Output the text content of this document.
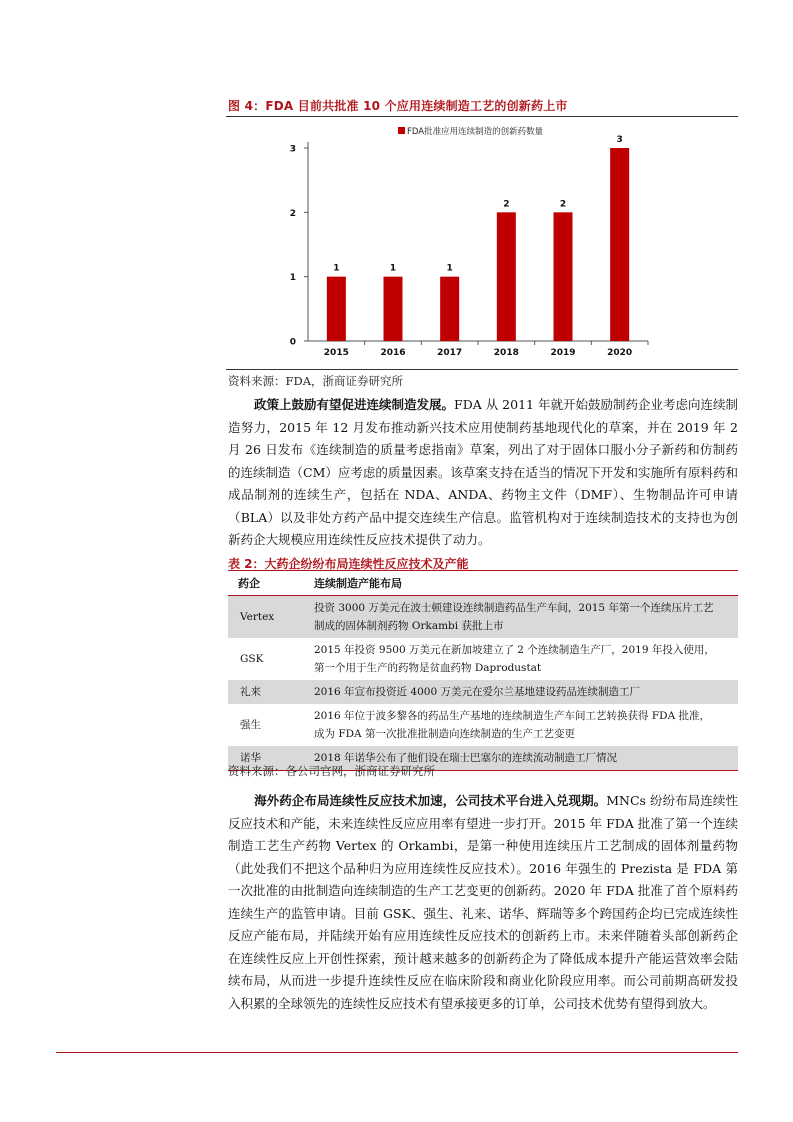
图 4：FDA 目前共批准 10 个应用连续制造工艺的创新药上市
FDA批准应用连续制造的创新药数量
0
1
2
3
2015	2016	2017	2018	2019	2020
1	1	1
2	2
3
资料来源：FDA，浙商证券研究所
政策上鼓励有望促进连续制造发展。FDA 从 2011 年就开始鼓励制药企业考虑向连续制造努力，2015 年 12 月发布推动新兴技术应用使制药基地现代化的草案，并在 2019 年 2 月 26 日发布《连续制造的质量考虑指南》草案，列出了对于固体口服小分子新药和仿制药的连续制造（CM）应考虑的质量因素。该草案支持在适当的情况下开发和实施所有原料药和成品制剂的连续生产，包括在 NDA、ANDA、药物主文件（DMF）、生物制品许可申请（BLA）以及非处方药产品中提交连续生产信息。监管机构对于连续制造技术的支持也为创新药企大规模应用连续性反应技术提供了动力。
表 2：大药企纷纷布局连续性反应技术及产能
药企	连续制造产能布局
Vertex	投资 3000 万美元在波士顿建设连续制造药品生产车间，2015 年第一个连续压片工艺制成的固体制剂药物 Orkambi 获批上市
GSK	2015 年投资 9500 万美元在新加坡建立了 2 个连续制造生产厂，2019 年投入使用，第一个用于生产的药物是贫血药物 Daprodustat
礼来	2016 年宣布投资近 4000 万美元在爱尔兰基地建设药品连续制造工厂
强生	2016 年位于波多黎各的药品生产基地的连续制造生产车间工艺转换获得 FDA 批准，成为 FDA 第一次批准批制造向连续制造的生产工艺变更
诺华	2018 年诺华公布了他们设在瑞士巴塞尔的连续流动制造工厂情况
资料来源：各公司官网，浙商证券研究所
海外药企布局连续性反应技术加速，公司技术平台进入兑现期。MNCs 纷纷布局连续性反应技术和产能，未来连续性反应应用率有望进一步打开。2015 年 FDA 批准了第一个连续制造工艺生产药物 Vertex 的 Orkambi，是第一种使用连续压片工艺制成的固体剂量药物（此处我们不把这个品种归为应用连续性反应技术）。2016 年强生的 Prezista 是 FDA 第一次批准的由批制造向连续制造的生产工艺变更的创新药。2020 年 FDA 批准了首个原料药连续生产的监管申请。目前 GSK、强生、礼来、诺华、辉瑞等多个跨国药企均已完成连续性反应产能布局，并陆续开始有应用连续性反应技术的创新药上市。未来伴随着头部创新药企在连续性反应上开创性探索，预计越来越多的创新药企为了降低成本提升产能运营效率会陆续布局，从而进一步提升连续性反应在临床阶段和商业化阶段应用率。而公司前期高研发投入积累的全球领先的连续性反应技术有望承接更多的订单，公司技术优势有望得到放大。
